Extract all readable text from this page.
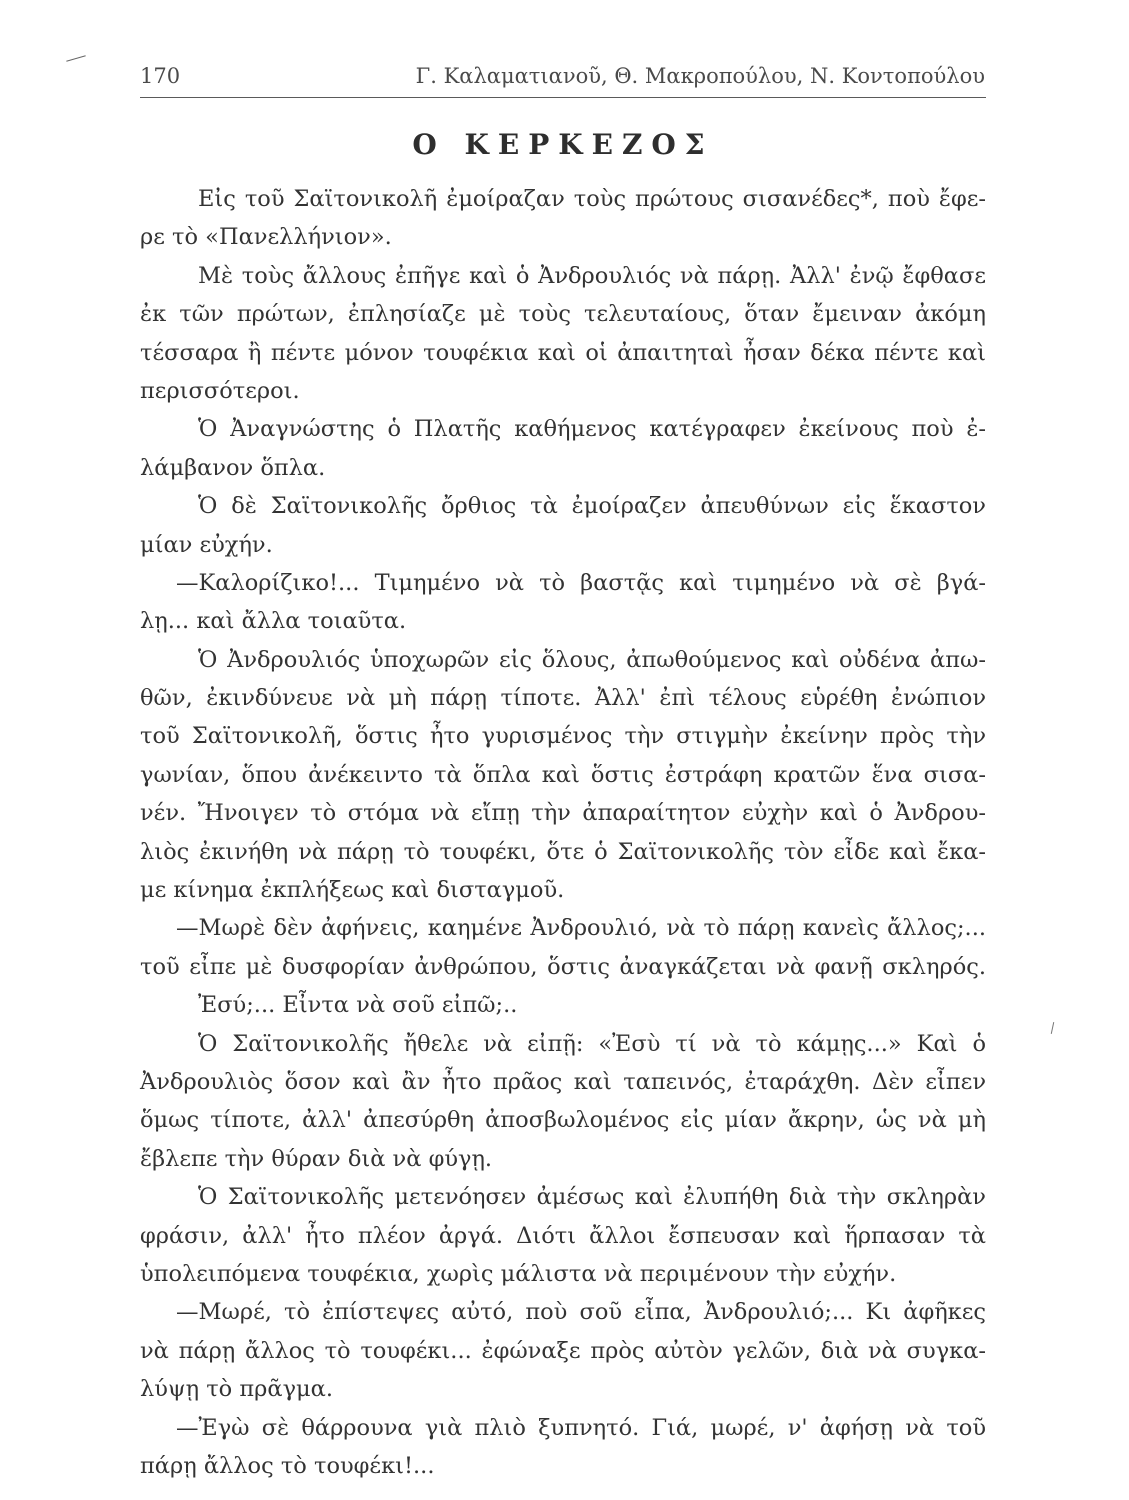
170	Γ. Καλαματιανοῦ, Θ. Μακροπούλου, Ν. Κοντοπούλου
Ο ΚΕΡΚΕΖΟΣ
Εἰς τοῦ Σαϊτονικολῆ ἐμοίραζαν τοὺς πρώτους σισανέδες*, ποὺ ἔφε-
ρε τὸ «Πανελλήνιον».
Μὲ τοὺς ἄλλους ἐπῆγε καὶ ὁ Ἀνδρουλιός νὰ πάρῃ. Ἀλλ' ἐνῷ ἔφθασε
ἐκ τῶν πρώτων, ἐπλησίαζε μὲ τοὺς τελευταίους, ὅταν ἔμειναν ἀκόμη
τέσσαρα ἢ πέντε μόνον τουφέκια καὶ οἱ ἀπαιτηταὶ ἦσαν δέκα πέντε καὶ
περισσότεροι.
Ὁ Ἀναγνώστης ὁ Πλατῆς καθήμενος κατέγραφεν ἐκείνους ποὺ ἐ-
λάμβανον ὅπλα.
Ὁ δὲ Σαϊτονικολῆς ὄρθιος τὰ ἐμοίραζεν ἀπευθύνων εἰς ἕκαστον
μίαν εὐχήν.
—Καλορίζικο!... Τιμημένο νὰ τὸ βαστᾷς καὶ τιμημένο νὰ σὲ βγά-
λῃ... καὶ ἄλλα τοιαῦτα.
Ὁ Ἀνδρουλιός ὑποχωρῶν εἰς ὅλους, ἀπωθούμενος καὶ οὐδένα ἀπω-
θῶν, ἐκινδύνευε νὰ μὴ πάρῃ τίποτε. Ἀλλ' ἐπὶ τέλους εὑρέθη ἐνώπιον
τοῦ Σαϊτονικολῆ, ὅστις ἦτο γυρισμένος τὴν στιγμὴν ἐκείνην πρὸς τὴν
γωνίαν, ὅπου ἀνέκειντο τὰ ὅπλα καὶ ὅστις ἐστράφη κρατῶν ἕνα σισα-
νέν. Ἤνοιγεν τὸ στόμα νὰ εἴπῃ τὴν ἀπαραίτητον εὐχὴν καὶ ὁ Ἀνδρου-
λιὸς ἐκινήθη νὰ πάρῃ τὸ τουφέκι, ὅτε ὁ Σαϊτονικολῆς τὸν εἶδε καὶ ἔκα-
με κίνημα ἐκπλήξεως καὶ δισταγμοῦ.
—Μωρὲ δὲν ἀφήνεις, καημένε Ἀνδρουλιό, νὰ τὸ πάρῃ κανεὶς ἄλλος;...
τοῦ εἶπε μὲ δυσφορίαν ἀνθρώπου, ὅστις ἀναγκάζεται νὰ φανῇ σκληρός.
Ἐσύ;... Εἶντα νὰ σοῦ εἰπῶ;..
Ὁ Σαϊτονικολῆς ἤθελε νὰ εἰπῇ: «Ἐσὺ τί νὰ τὸ κάμῃς...» Καὶ ὁ
Ἀνδρουλιὸς ὅσον καὶ ἂν ἦτο πρᾶος καὶ ταπεινός, ἐταράχθη. Δὲν εἶπεν
ὅμως τίποτε, ἀλλ' ἀπεσύρθη ἀποσβωλομένος εἰς μίαν ἄκρην, ὡς νὰ μὴ
ἔβλεπε τὴν θύραν διὰ νὰ φύγῃ.
Ὁ Σαϊτονικολῆς μετενόησεν ἀμέσως καὶ ἐλυπήθη διὰ τὴν σκληρὰν
φράσιν, ἀλλ' ἦτο πλέον ἀργά. Διότι ἄλλοι ἔσπευσαν καὶ ἥρπασαν τὰ
ὑπολειπόμενα τουφέκια, χωρὶς μάλιστα νὰ περιμένουν τὴν εὐχήν.
—Μωρέ, τὸ ἐπίστεψες αὐτό, ποὺ σοῦ εἶπα, Ἀνδρουλιό;... Κι ἀφῆκες
νὰ πάρῃ ἄλλος τὸ τουφέκι... ἐφώναξε πρὸς αὐτὸν γελῶν, διὰ νὰ συγκα-
λύψῃ τὸ πρᾶγμα.
—Ἐγὼ σὲ θάρρουνα γιὰ πλιὸ ξυπνητό. Γιά, μωρέ, ν' ἀφήσῃ νὰ τοῦ
πάρῃ ἄλλος τὸ τουφέκι!...
